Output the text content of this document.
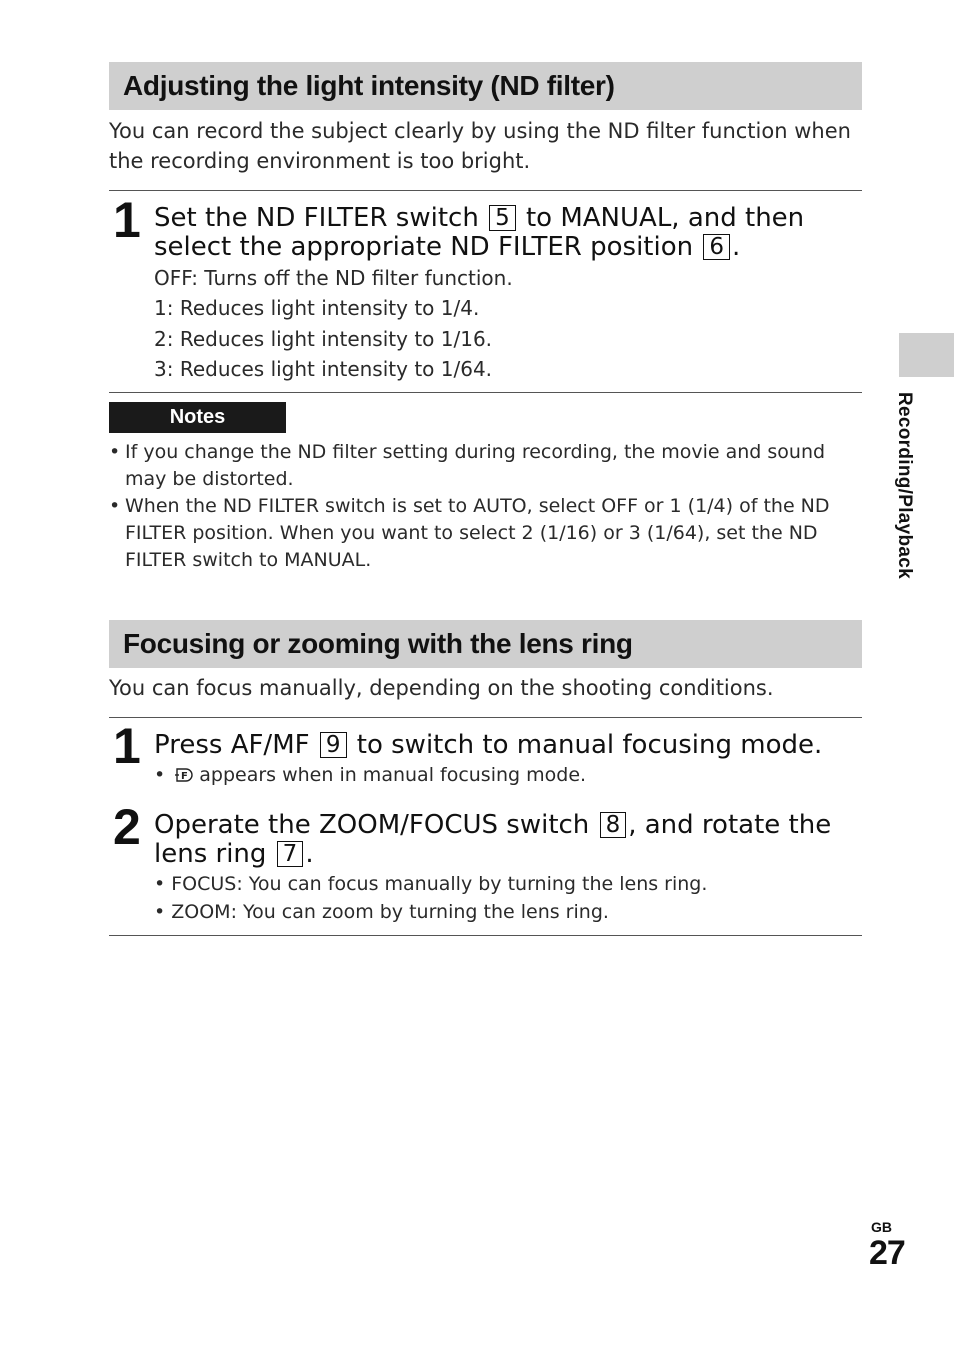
Adjusting the light intensity (ND filter)
You can record the subject clearly by using the ND filter function when the recording environment is too bright.
1 Set the ND FILTER switch 5 to MANUAL, and then select the appropriate ND FILTER position 6 .
OFF: Turns off the ND filter function.
1: Reduces light intensity to 1/4.
2: Reduces light intensity to 1/16.
3: Reduces light intensity to 1/64.
Notes
• If you change the ND filter setting during recording, the movie and sound may be distorted.
• When the ND FILTER switch is set to AUTO, select OFF or 1 (1/4) of the ND FILTER position. When you want to select 2 (1/16) or 3 (1/64), set the ND FILTER switch to MANUAL.
Focusing or zooming with the lens ring
You can focus manually, depending on the shooting conditions.
1 Press AF/MF 9 to switch to manual focusing mode.
• F appears when in manual focusing mode.
2 Operate the ZOOM/FOCUS switch 8 , and rotate the lens ring 7 .
• FOCUS: You can focus manually by turning the lens ring.
• ZOOM: You can zoom by turning the lens ring.
Recording/Playback
GB
27
